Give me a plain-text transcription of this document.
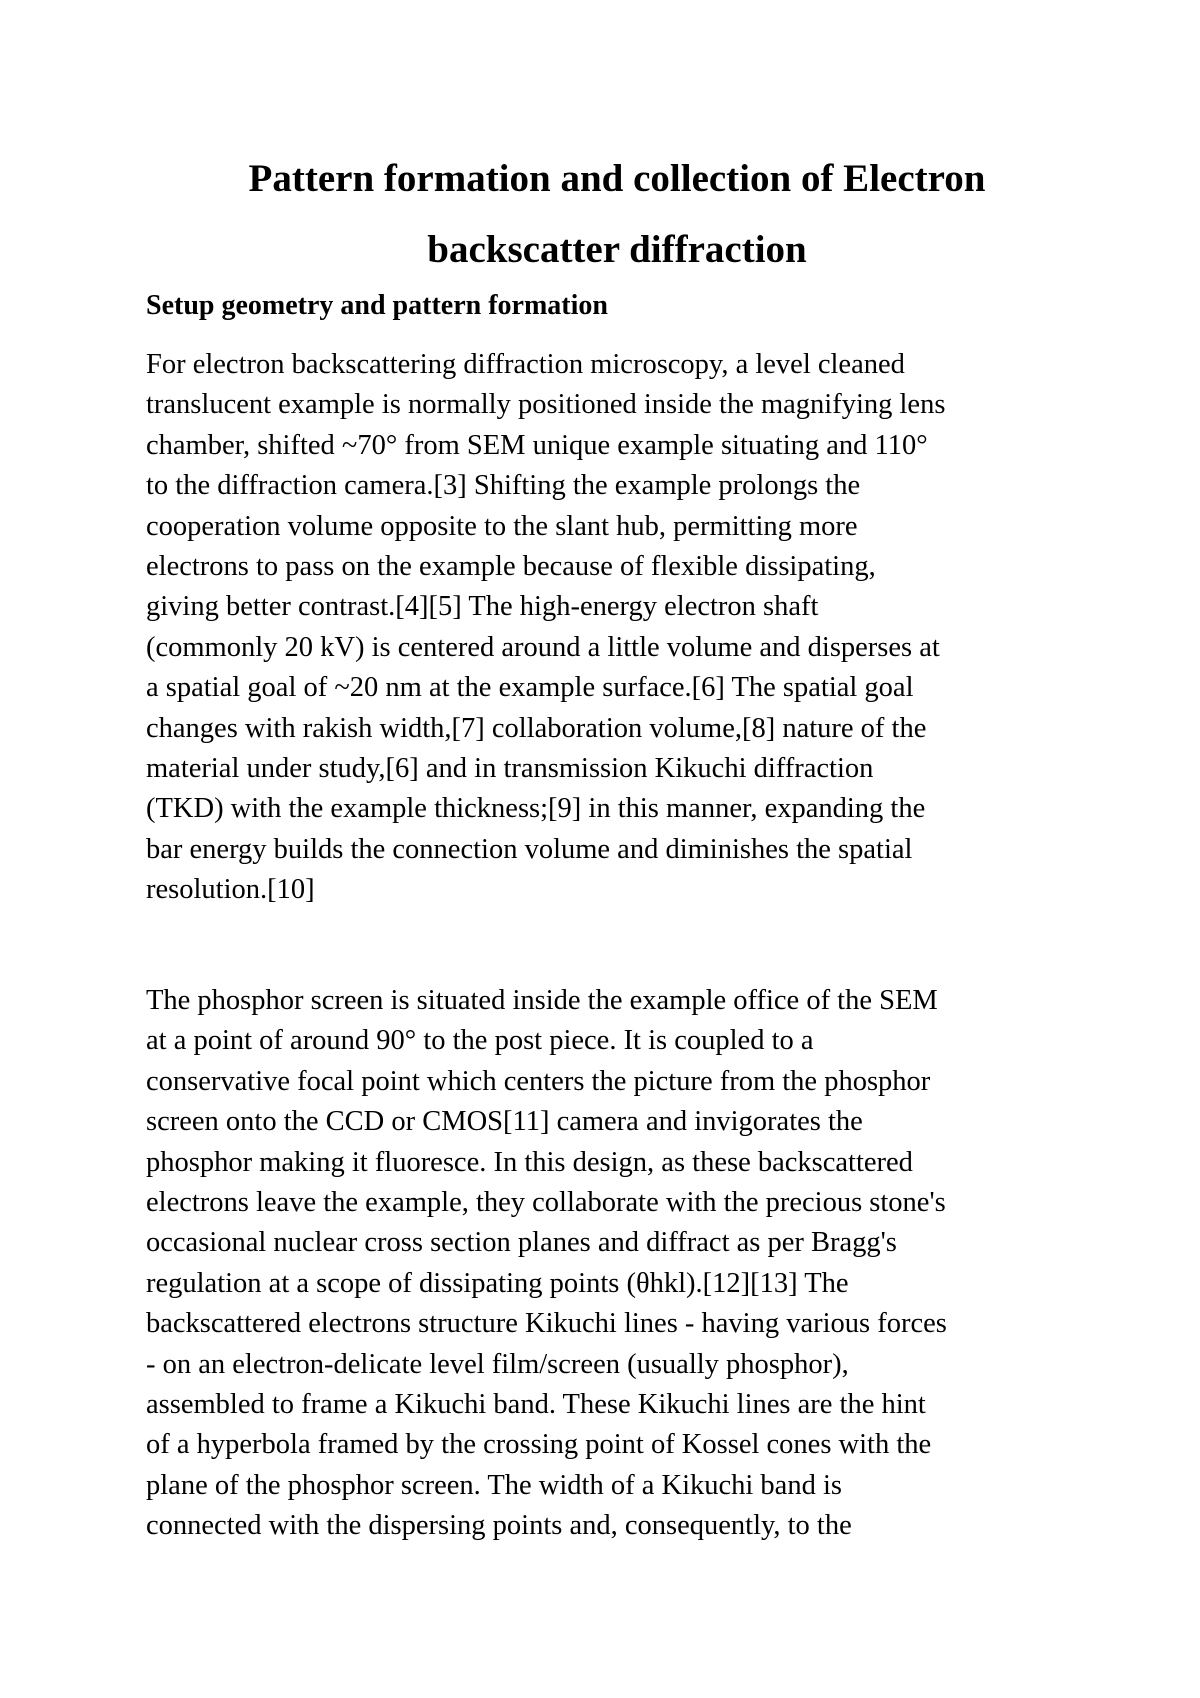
Pattern formation and collection of Electron
backscatter diffraction
Setup geometry and pattern formation
For electron backscattering diffraction microscopy, a level cleaned
translucent example is normally positioned inside the magnifying lens
chamber, shifted ~70° from SEM unique example situating and 110°
to the diffraction camera.[3] Shifting the example prolongs the
cooperation volume opposite to the slant hub, permitting more
electrons to pass on the example because of flexible dissipating,
giving better contrast.[4][5] The high-energy electron shaft
(commonly 20 kV) is centered around a little volume and disperses at
a spatial goal of ~20 nm at the example surface.[6] The spatial goal
changes with rakish width,[7] collaboration volume,[8] nature of the
material under study,[6] and in transmission Kikuchi diffraction
(TKD) with the example thickness;[9] in this manner, expanding the
bar energy builds the connection volume and diminishes the spatial
resolution.[10]
The phosphor screen is situated inside the example office of the SEM
at a point of around 90° to the post piece. It is coupled to a
conservative focal point which centers the picture from the phosphor
screen onto the CCD or CMOS[11] camera and invigorates the
phosphor making it fluoresce. In this design, as these backscattered
electrons leave the example, they collaborate with the precious stone's
occasional nuclear cross section planes and diffract as per Bragg's
regulation at a scope of dissipating points (θhkl).[12][13] The
backscattered electrons structure Kikuchi lines - having various forces
- on an electron-delicate level film/screen (usually phosphor),
assembled to frame a Kikuchi band. These Kikuchi lines are the hint
of a hyperbola framed by the crossing point of Kossel cones with the
plane of the phosphor screen. The width of a Kikuchi band is
connected with the dispersing points and, consequently, to the
